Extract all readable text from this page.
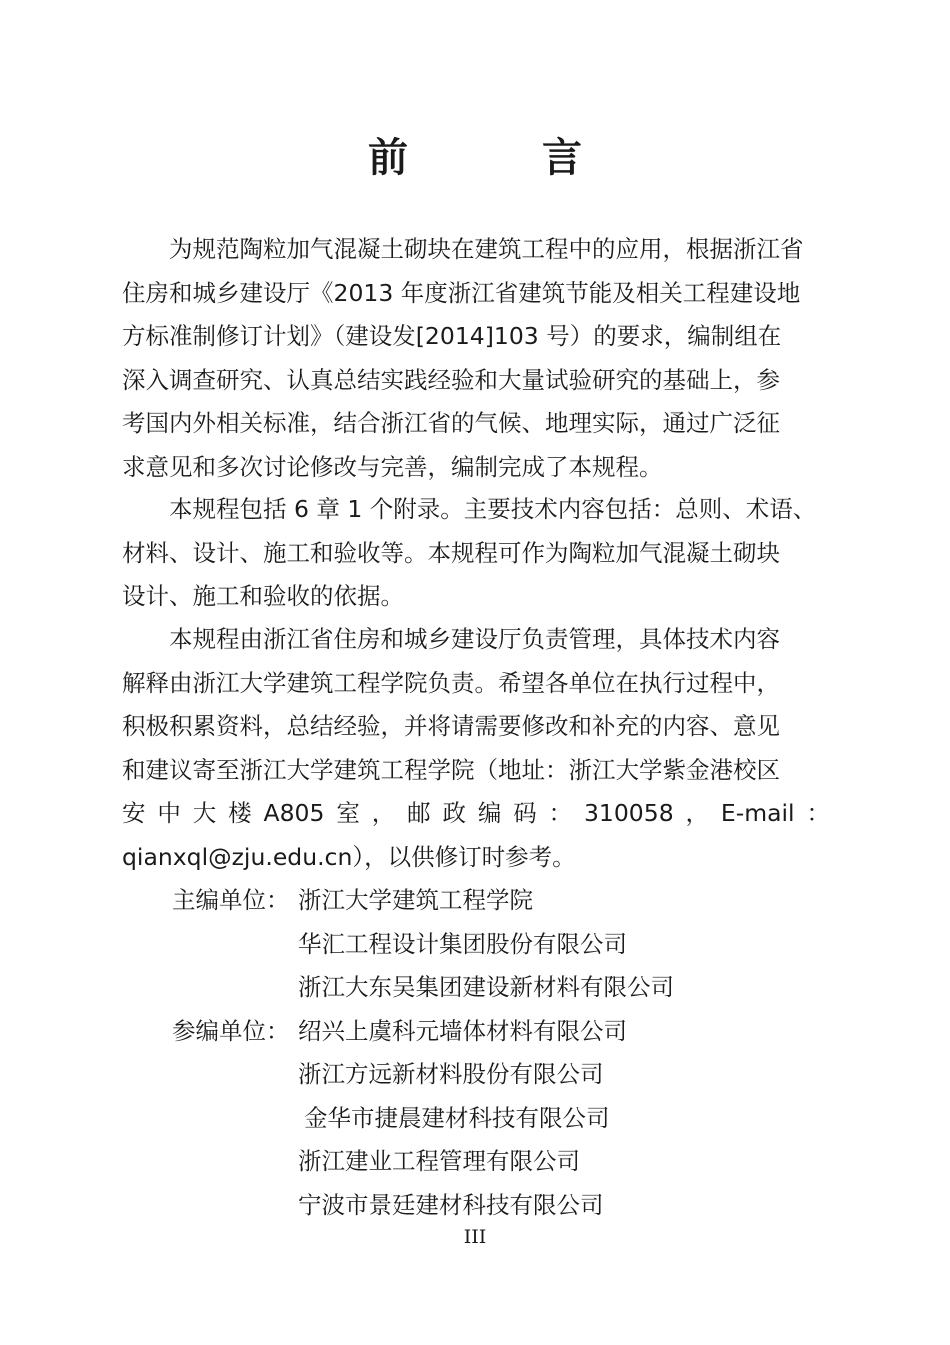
前 言
为规范陶粒加气混凝土砌块在建筑工程中的应用，根据浙江省
住房和城乡建设厅《2013 年度浙江省建筑节能及相关工程建设地
方标准制修订计划》（建设发[2014]103 号）的要求，编制组在
深入调查研究、认真总结实践经验和大量试验研究的基础上，参
考国内外相关标准，结合浙江省的气候、地理实际，通过广泛征
求意见和多次讨论修改与完善，编制完成了本规程。
本规程包括 6 章 1 个附录。主要技术内容包括：总则、术语、
材料、设计、施工和验收等。本规程可作为陶粒加气混凝土砌块
设计、施工和验收的依据。
本规程由浙江省住房和城乡建设厅负责管理，具体技术内容
解释由浙江大学建筑工程学院负责。希望各单位在执行过程中，
积极积累资料，总结经验，并将请需要修改和补充的内容、意见
和建议寄至浙江大学建筑工程学院（地址：浙江大学紫金港校区
安 中 大 楼 A805 室 ， 邮 政 编 码 ： 310058 ， E-mail ：
qianxql@zju.edu.cn），以供修订时参考。
主编单位： 浙江大学建筑工程学院
华汇工程设计集团股份有限公司
浙江大东吴集团建设新材料有限公司
参编单位： 绍兴上虞科元墙体材料有限公司
浙江方远新材料股份有限公司
金华市捷晨建材科技有限公司
浙江建业工程管理有限公司
宁波市景廷建材科技有限公司
III
